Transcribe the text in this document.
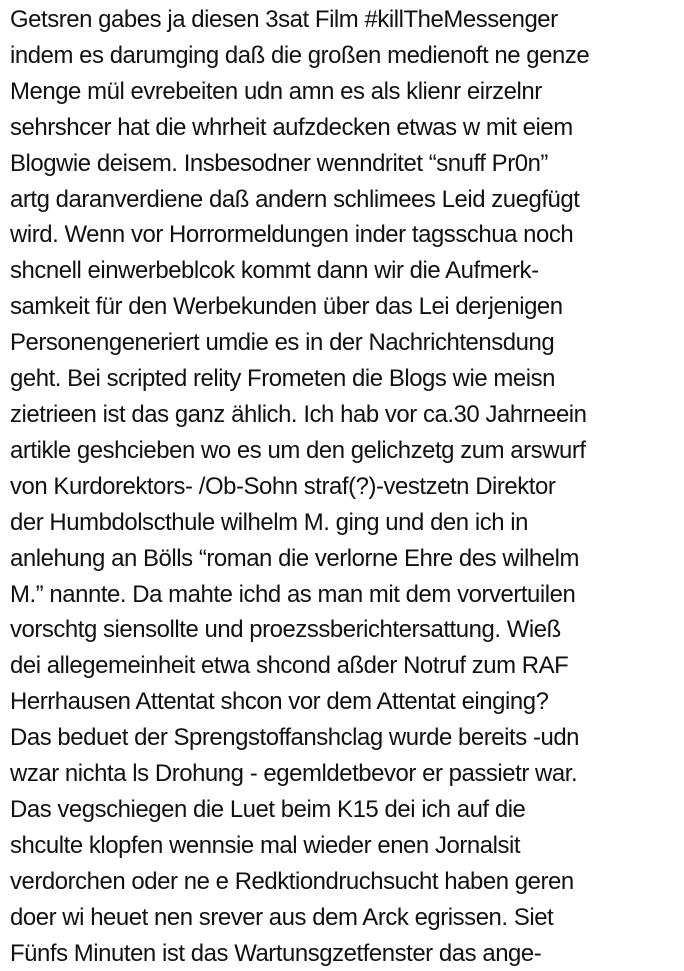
Getsren gabes ja diesen 3sat Film #killTheMessenger
indem es darumging daß die großen medienoft ne genze
Menge mül evrebeiten udn amn es als klienr eirzelnr
sehrshcer hat die whrheit aufzdecken etwas w mit eiem
Blogwie deisem. Insbesodner wenndritet “snuff Pr0n”
artg daranverdiene daß andern schlimees Leid zuegfügt
wird. Wenn vor Horrormeldungen inder tagsschua noch
shcnell einwerbeblcok kommt dann wir die Aufmerk-
samkeit für den Werbekunden über das Lei derjenigen
Personengeneriert umdie es in der Nachrichtensdung
geht. Bei scripted relity Frometen die Blogs wie meisn
zietrieen ist das ganz ählich. Ich hab vor ca.30 Jahrneein
artikle geshcieben wo es um den gelichzetg zum arswurf
von Kurdorektors- /Ob-Sohn straf(?)-vestzetn Direktor
der Humbdolscthule wilhelm M. ging und den ich in
anlehung an Bölls “roman die verlorne Ehre des wilhelm
M.” nannte. Da mahte ichd as man mit dem vorvertuilen
vorschtg siensollte und proezssberichtersattung. Wieß
dei allegemeinheit etwa shcond aßder Notruf zum RAF
Herrhausen Attentat shcon vor dem Attentat einging?
Das beduet der Sprengstoffanshclag wurde bereits -udn
wzar nichta ls Drohung - egemldetbevor er passietr war.
Das vegschiegen die Luet beim K15 dei ich auf die
shculte klopfen wennsie mal wieder enen Jornalsit
verdorchen oder ne e Redktiondruchsucht haben geren
doer wi heuet nen srever aus dem Arck egrissen. Siet
Fünfs Minuten ist das Wartunsgzetfenster das ange-
